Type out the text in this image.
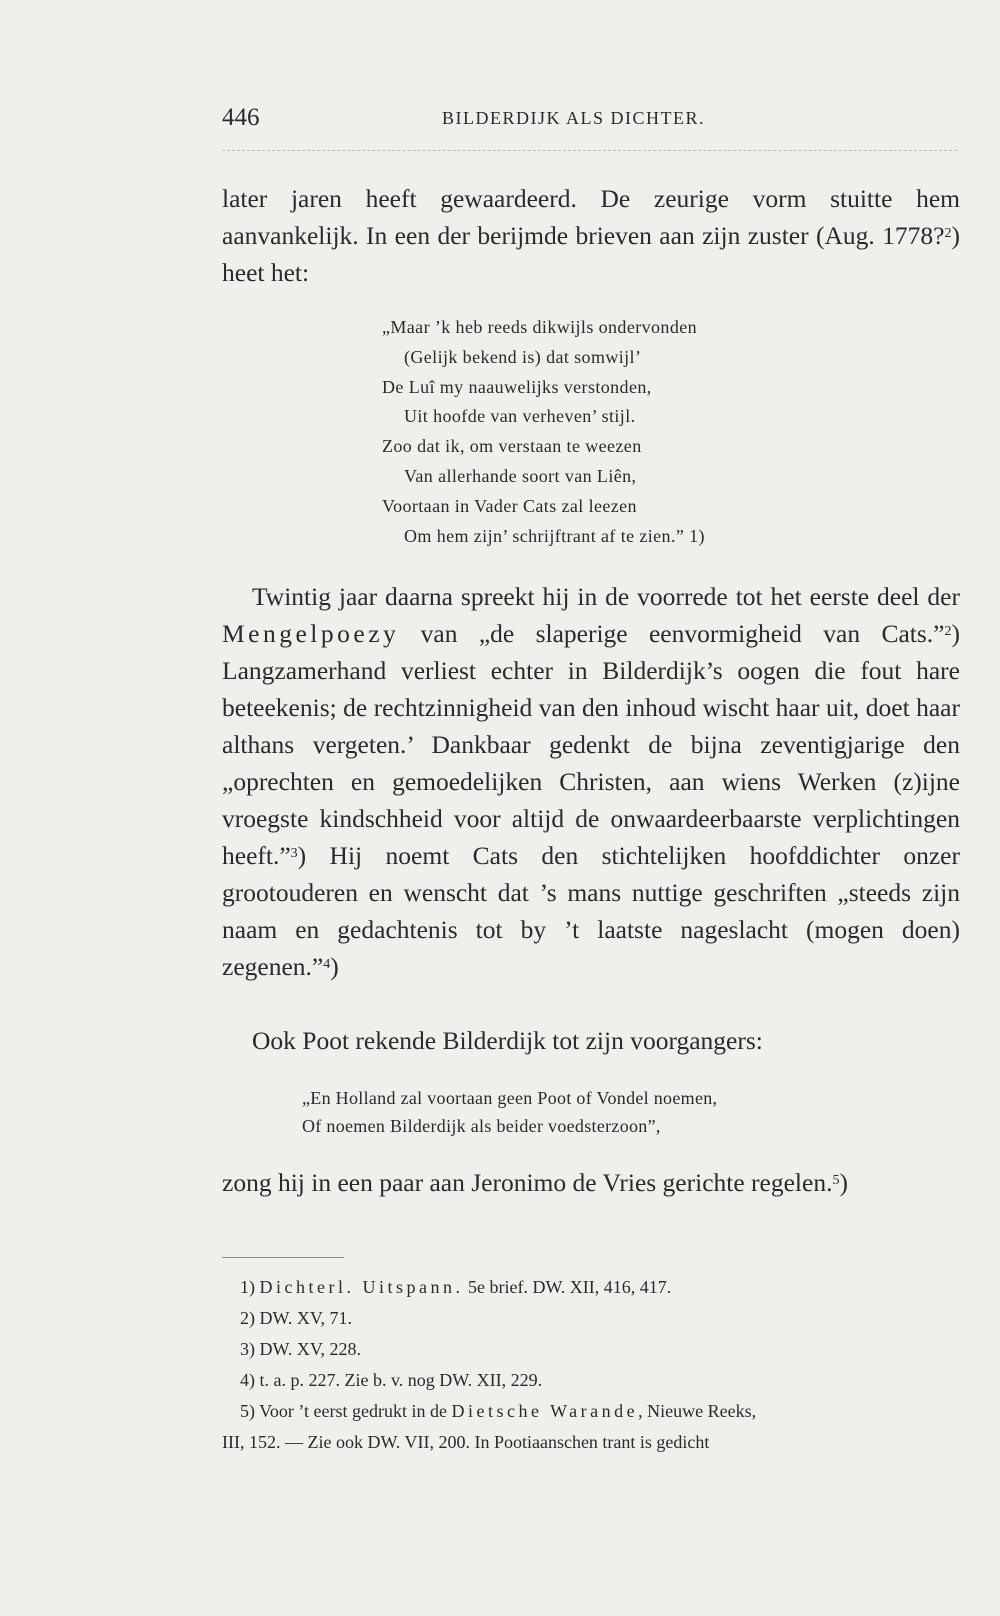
446	BILDERDIJK ALS DICHTER.
later jaren heeft gewaardeerd. De zeurige vorm stuitte hem aanvankelijk. In een der berijmde brieven aan zijn zuster (Aug. 1778?$^2$) heet het:
„Maar ’k heb reeds dikwijls ondervonden
(Gelijk bekend is) dat somwijl’
De Luî my naauwelijks verstonden,
Uit hoofde van verheven’ stijl.
Zoo dat ik, om verstaan te weezen
Van allerhande soort van Liên,
Voortaan in Vader Cats zal leezen
Om hem zijn’ schrijftrant af te zien.” 1)
Twintig jaar daarna spreekt hij in de voorrede tot het eerste deel der Mengelpoezy van „de slaperige eenvormigheid van Cats.”$^2$) Langzamerhand verliest echter in Bilderdijk’s oogen die fout hare beteekenis; de rechtzinnigheid van den inhoud wischt haar uit, doet haar althans vergeten.’ Dankbaar gedenkt de bijna zeventigjarige den „oprechten en gemoedelijken Christen, aan wiens Werken (z)ijne vroegste kindschheid voor altijd de onwaardeerbaarste verplichtingen heeft.”$^3$) Hij noemt Cats den stichtelijken hoofddichter onzer grootouderen en wenscht dat ’s mans nuttige geschriften „steeds zijn naam en gedachtenis tot by ’t laatste nageslacht (mogen doen) zegenen.”$^4$)
Ook Poot rekende Bilderdijk tot zijn voorgangers:
„En Holland zal voortaan geen Poot of Vondel noemen,
Of noemen Bilderdijk als beider voedsterzoon”,
zong hij in een paar aan Jeronimo de Vries gerichte regelen.$^5$)
1) Dichterl. Uitspann. 5e brief. DW. XII, 416, 417.
2) DW. XV, 71.
3) DW. XV, 228.
4) t. a. p. 227. Zie b. v. nog DW. XII, 229.
5) Voor ’t eerst gedrukt in de Dietsche Warande, Nieuwe Reeks,
III, 152. — Zie ook DW. VII, 200. In Pootiaanschen trant is gedicht
